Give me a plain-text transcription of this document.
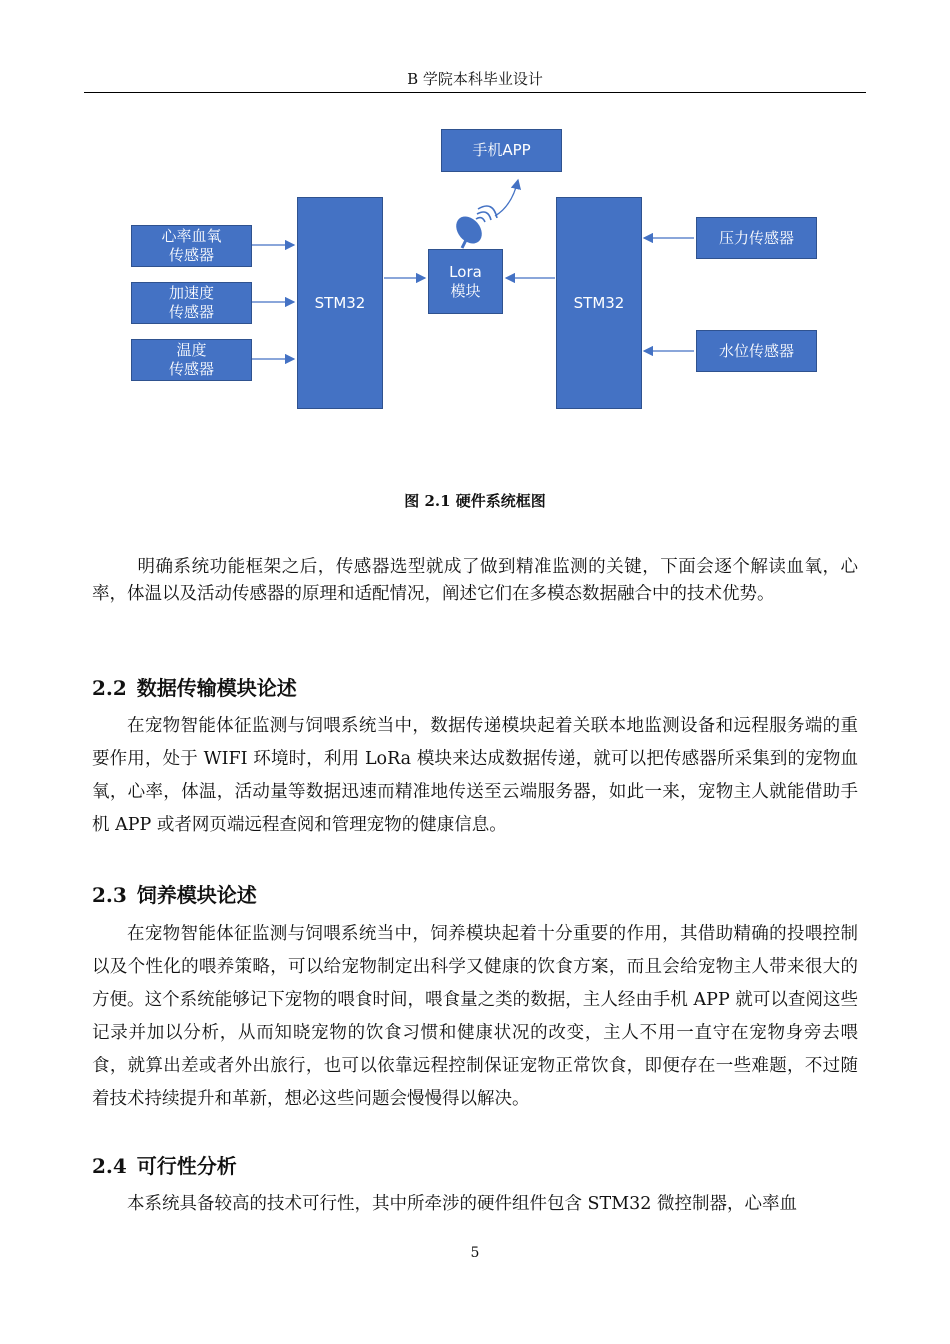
B 学院本科毕业设计
心率血氧
传感器
加速度
传感器
温度
传感器
STM32
Lora
模块
手机APP
STM32
压力传感器
水位传感器
图 2.1 硬件系统框图

明确系统功能框架之后，传感器选型就成了做到精准监测的关键，下面会逐个解读血氧，心率，体温以及活动传感器的原理和适配情况，阐述它们在多模态数据融合中的技术优势。

2.2 数据传输模块论述

在宠物智能体征监测与饲喂系统当中，数据传递模块起着关联本地监测设备和远程服务端的重要作用，处于 WIFI 环境时，利用 LoRa 模块来达成数据传递，就可以把传感器所采集到的宠物血氧，心率，体温，活动量等数据迅速而精准地传送至云端服务器，如此一来，宠物主人就能借助手机 APP 或者网页端远程查阅和管理宠物的健康信息。

2.3 饲养模块论述

在宠物智能体征监测与饲喂系统当中，饲养模块起着十分重要的作用，其借助精确的投喂控制以及个性化的喂养策略，可以给宠物制定出科学又健康的饮食方案，而且会给宠物主人带来很大的方便。这个系统能够记下宠物的喂食时间，喂食量之类的数据，主人经由手机 APP 就可以查阅这些记录并加以分析，从而知晓宠物的饮食习惯和健康状况的改变，主人不用一直守在宠物身旁去喂食，就算出差或者外出旅行，也可以依靠远程控制保证宠物正常饮食，即便存在一些难题，不过随着技术持续提升和革新，想必这些问题会慢慢得以解决。

2.4 可行性分析

本系统具备较高的技术可行性，其中所牵涉的硬件组件包含 STM32 微控制器，心率血

5
